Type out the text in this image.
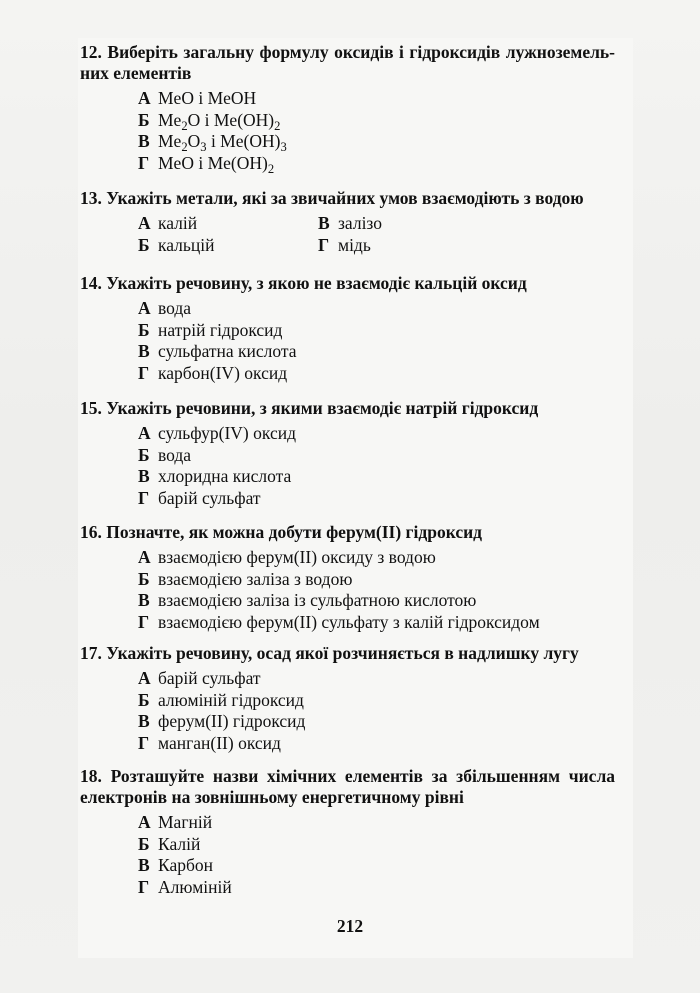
12. Виберіть загальну формулу оксидів і гідроксидів лужноземель-них елементів

А MeO і MeOH
Б $Me_2O$ і $Me(OH)_2$
В $Me_2O_3$ і $Me(OH)_3$
Г MeO і $Me(OH)_2$

13. Укажіть метали, які за звичайних умов взаємодіють з водою

А калій	В залізо
Б кальцій	Г мідь

14. Укажіть речовину, з якою не взаємодіє кальцій оксид

А вода
Б натрій гідроксид
В сульфатна кислота
Г карбон(IV) оксид

15. Укажіть речовини, з якими взаємодіє натрій гідроксид

А сульфур(IV) оксид
Б вода
В хлоридна кислота
Г барій сульфат

16. Позначте, як можна добути ферум(II) гідроксид

А взаємодією ферум(II) оксиду з водою
Б взаємодією заліза з водою
В взаємодією заліза із сульфатною кислотою
Г взаємодією ферум(II) сульфату з калій гідроксидом

17. Укажіть речовину, осад якої розчиняється в надлишку лугу

А барій сульфат
Б алюміній гідроксид
В ферум(II) гідроксид
Г манган(II) оксид

18. Розташуйте назви хімічних елементів за збільшенням числа електронів на зовнішньому енергетичному рівні

А Магній
Б Калій
В Карбон
Г Алюміній
212
